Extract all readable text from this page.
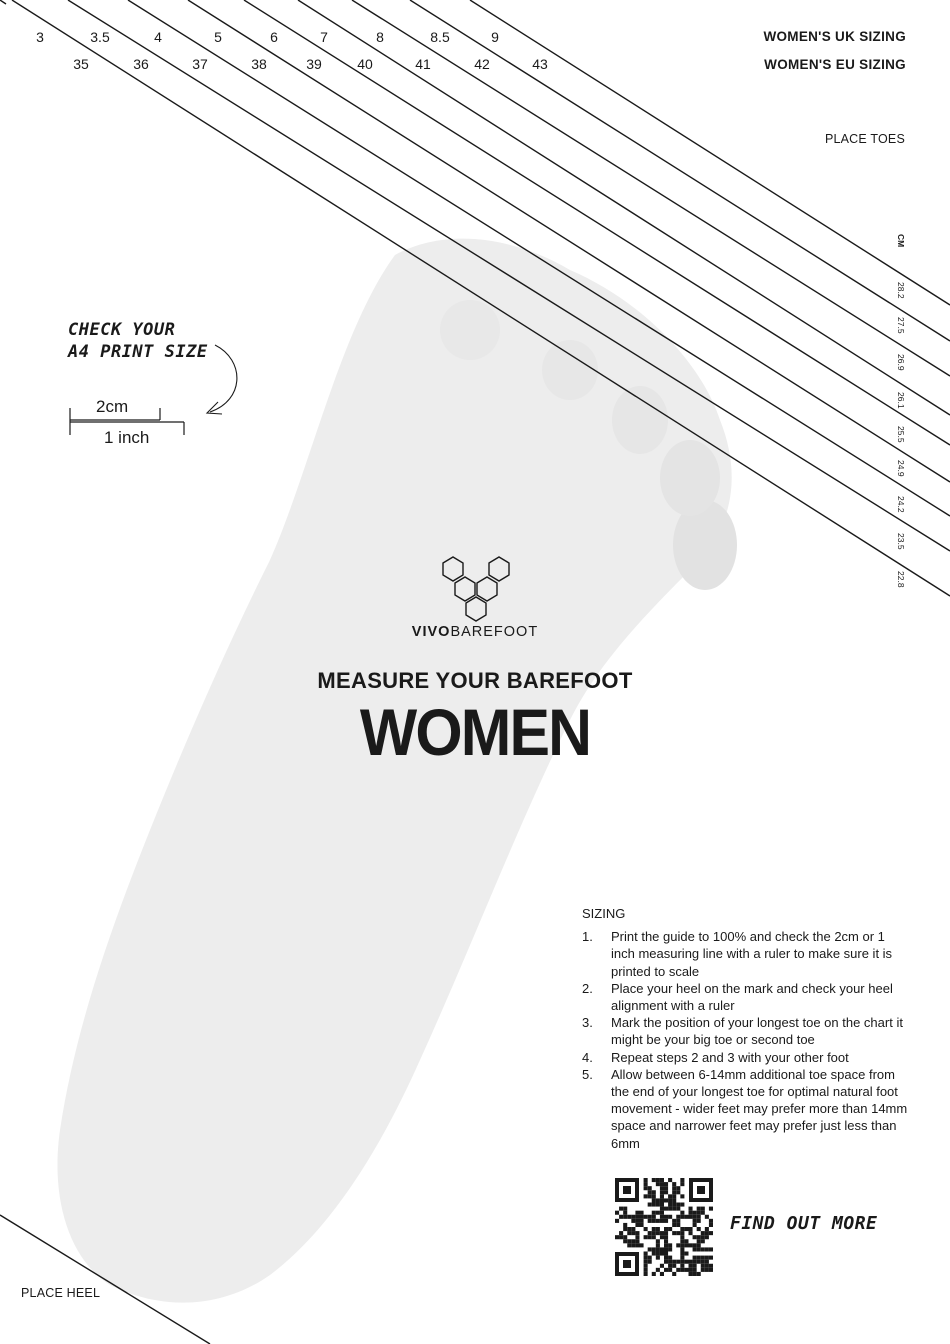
3	3.5	4	5	6	7	8	8.5	9
35	36	37	38	39	40	41	42	43
WOMEN'S UK SIZING
WOMEN'S EU SIZING
PLACE TOES
PLACE HEEL
CM
28.2
27.5
26.9
26.1
25.5
24.9
24.2
23.5
22.8
CHECK YOUR
A4 PRINT SIZE
2cm
1 inch
VIVOBAREFOOT
MEASURE YOUR BAREFOOT
WOMEN
SIZING
1. Print the guide to 100% and check the 2cm or 1 inch measuring line with a ruler to make sure it is printed to scale
2. Place your heel on the mark and check your heel alignment with a ruler
3. Mark the position of your longest toe on the chart it might be your big toe or second toe
4. Repeat steps 2 and 3 with your other foot
5. Allow between 6-14mm additional toe space from the end of your longest toe for optimal natural foot movement - wider feet may prefer more than 14mm space and narrower feet may prefer just less than 6mm
FIND OUT MORE
